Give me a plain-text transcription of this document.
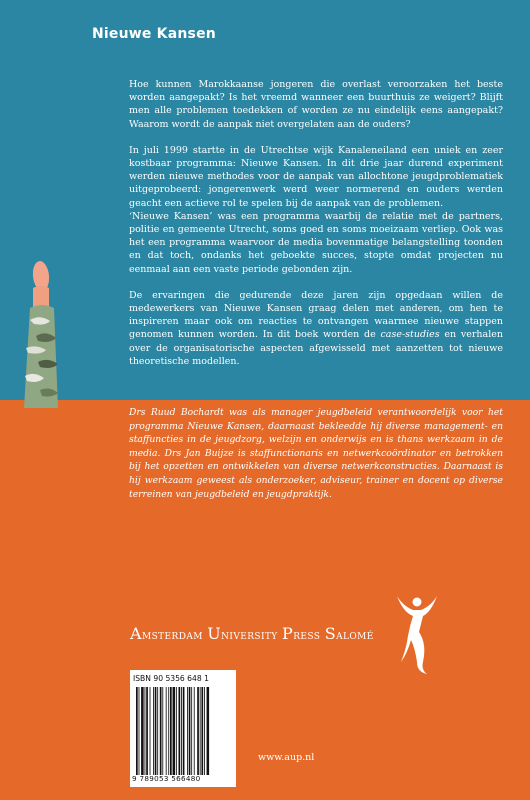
Nieuwe Kansen

Hoe kunnen Marokkaanse jongeren die overlast veroorzaken het beste worden aangepakt? Is het vreemd wanneer een buurthuis ze weigert? Blijft men alle problemen toedekken of worden ze nu eindelijk eens aangepakt? Waarom wordt de aanpak niet overgelaten aan de ouders?

In juli 1999 startte in de Utrechtse wijk Kanaleneiland een uniek en zeer kostbaar programma: Nieuwe Kansen. In dit drie jaar durend experiment werden nieuwe methodes voor de aanpak van allochtone jeugdproblematiek uitgeprobeerd: jongerenwerk werd weer normerend en ouders werden geacht een actieve rol te spelen bij de aanpak van de problemen.

‘Nieuwe Kansen’ was een programma waarbij de relatie met de partners, politie en gemeente Utrecht, soms goed en soms moeizaam verliep. Ook was het een programma waarvoor de media bovenmatige belangstelling toonden en dat toch, ondanks het geboekte succes, stopte omdat projecten nu eenmaal aan een vaste periode gebonden zijn.

De ervaringen die gedurende deze jaren zijn opgedaan willen de medewerkers van Nieuwe Kansen graag delen met anderen, om hen te inspireren maar ook om reacties te ontvangen waarmee nieuwe stappen genomen kunnen worden. In dit boek worden de case-studies en verhalen over de organisatorische aspecten afgewisseld met aanzetten tot nieuwe theoretische modellen.

Drs Ruud Bochardt was als manager jeugdbeleid verantwoordelijk voor het programma Nieuwe Kansen, daarnaast bekleedde hij diverse management- en staffuncties in de jeugdzorg, welzijn en onderwijs en is thans werkzaam in de media. Drs Jan Buijze is staffunctionaris en netwerkcoördinator en betrokken bij het opzetten en ontwikkelen van diverse netwerkconstructies. Daarnaast is hij werkzaam geweest als onderzoeker, adviseur, trainer en docent op diverse terreinen van jeugdbeleid en jeugdpraktijk.

Amsterdam University Press Salomé
ISBN 90 5356 648 1
9 789053 566480
www.aup.nl
